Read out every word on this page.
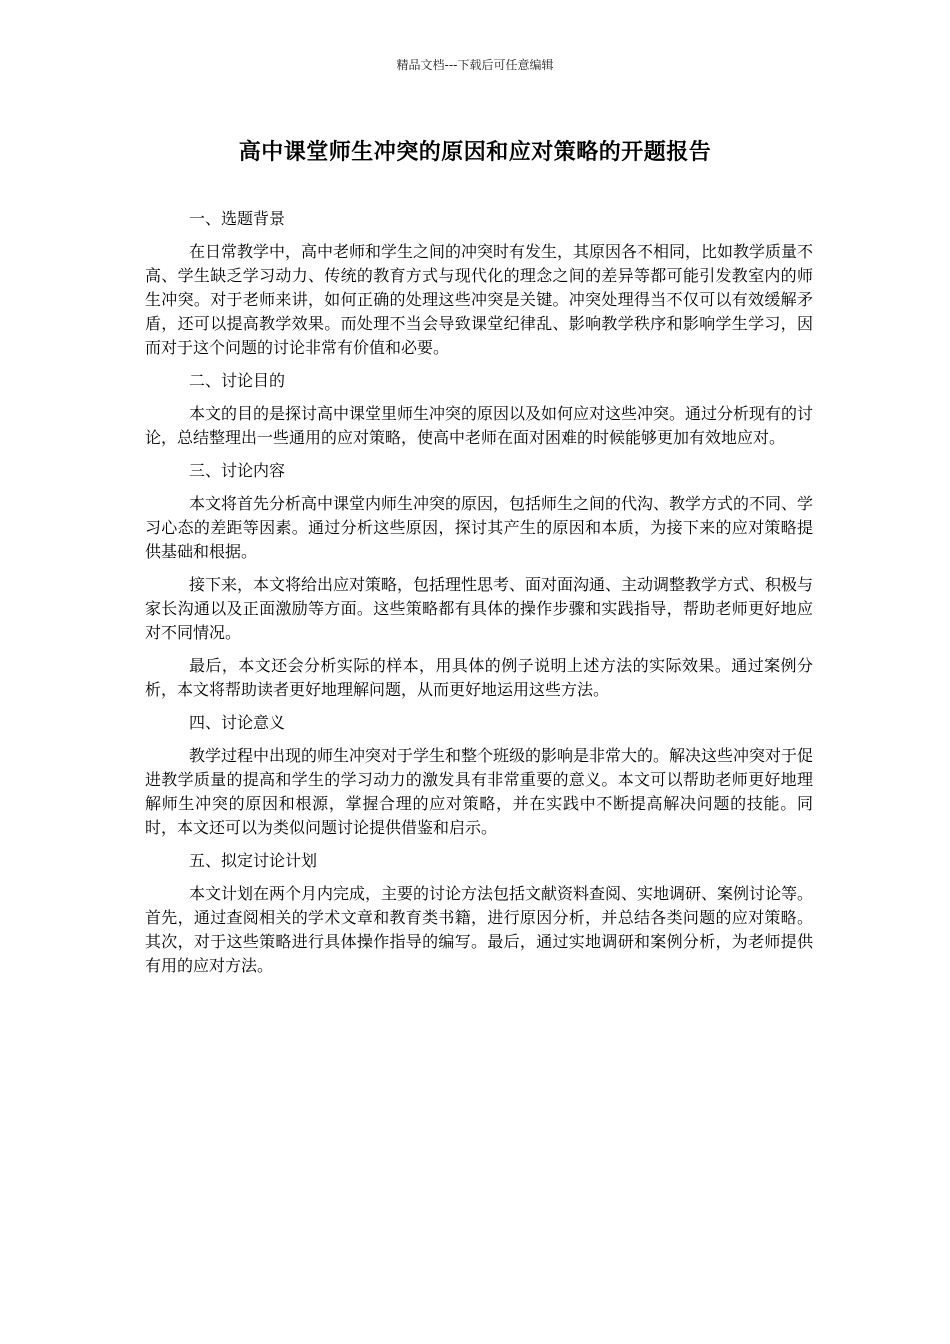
精品文档---下载后可任意编辑
高中课堂师生冲突的原因和应对策略的开题报告

一、选题背景

在日常教学中，高中老师和学生之间的冲突时有发生，其原因各不相同，比如教学质量不高、学生缺乏学习动力、传统的教育方式与现代化的理念之间的差异等都可能引发教室内的师生冲突。对于老师来讲，如何正确的处理这些冲突是关键。冲突处理得当不仅可以有效缓解矛盾，还可以提高教学效果。而处理不当会导致课堂纪律乱、影响教学秩序和影响学生学习，因而对于这个问题的讨论非常有价值和必要。

二、讨论目的

本文的目的是探讨高中课堂里师生冲突的原因以及如何应对这些冲突。通过分析现有的讨论，总结整理出一些通用的应对策略，使高中老师在面对困难的时候能够更加有效地应对。

三、讨论内容

本文将首先分析高中课堂内师生冲突的原因，包括师生之间的代沟、教学方式的不同、学习心态的差距等因素。通过分析这些原因，探讨其产生的原因和本质，为接下来的应对策略提供基础和根据。

接下来，本文将给出应对策略，包括理性思考、面对面沟通、主动调整教学方式、积极与家长沟通以及正面激励等方面。这些策略都有具体的操作步骤和实践指导，帮助老师更好地应对不同情况。

最后，本文还会分析实际的样本，用具体的例子说明上述方法的实际效果。通过案例分析，本文将帮助读者更好地理解问题，从而更好地运用这些方法。

四、讨论意义

教学过程中出现的师生冲突对于学生和整个班级的影响是非常大的。解决这些冲突对于促进教学质量的提高和学生的学习动力的激发具有非常重要的意义。本文可以帮助老师更好地理解师生冲突的原因和根源，掌握合理的应对策略，并在实践中不断提高解决问题的技能。同时，本文还可以为类似问题讨论提供借鉴和启示。

五、拟定讨论计划

本文计划在两个月内完成，主要的讨论方法包括文献资料查阅、实地调研、案例讨论等。首先，通过查阅相关的学术文章和教育类书籍，进行原因分析，并总结各类问题的应对策略。其次，对于这些策略进行具体操作指导的编写。最后，通过实地调研和案例分析，为老师提供有用的应对方法。
